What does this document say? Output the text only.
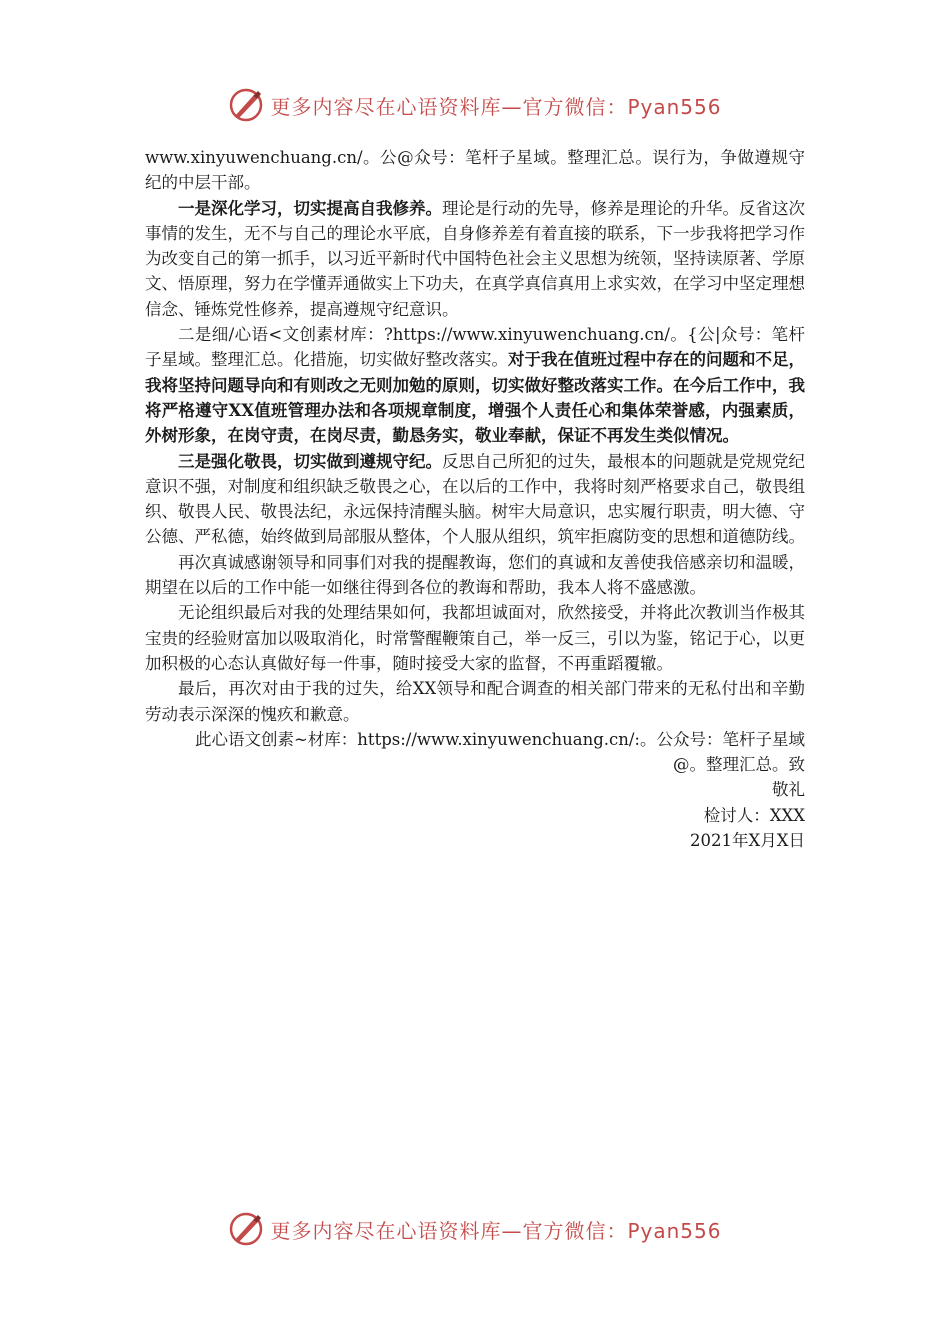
更多内容尽在心语资料库—官方微信：Pyan556

www.xinyuwenchuang.cn/。公@众号：笔杆子星域。整理汇总。误行为，争做遵规守纪的中层干部。

一是深化学习，切实提高自我修养。理论是行动的先导，修养是理论的升华。反省这次事情的发生，无不与自己的理论水平底，自身修养差有着直接的联系，下一步我将把学习作为改变自己的第一抓手，以习近平新时代中国特色社会主义思想为统领，坚持读原著、学原文、悟原理，努力在学懂弄通做实上下功夫，在真学真信真用上求实效，在学习中坚定理想信念、锤炼党性修养，提高遵规守纪意识。

二是细/心语<文创素材库：?https://www.xinyuwenchuang.cn/。{公|众号：笔杆子星域。整理汇总。化措施，切实做好整改落实。对于我在值班过程中存在的问题和不足，我将坚持问题导向和有则改之无则加勉的原则，切实做好整改落实工作。在今后工作中，我将严格遵守XX值班管理办法和各项规章制度，增强个人责任心和集体荣誉感，内强素质，外树形象，在岗守责，在岗尽责，勤恳务实，敬业奉献，保证不再发生类似情况。

三是强化敬畏，切实做到遵规守纪。反思自己所犯的过失，最根本的问题就是党规党纪意识不强，对制度和组织缺乏敬畏之心，在以后的工作中，我将时刻严格要求自己，敬畏组织、敬畏人民、敬畏法纪，永远保持清醒头脑。树牢大局意识，忠实履行职责，明大德、守公德、严私德，始终做到局部服从整体，个人服从组织，筑牢拒腐防变的思想和道德防线。

再次真诚感谢领导和同事们对我的提醒教诲，您们的真诚和友善使我倍感亲切和温暖，期望在以后的工作中能一如继往得到各位的教诲和帮助，我本人将不盛感激。

无论组织最后对我的处理结果如何，我都坦诚面对，欣然接受，并将此次教训当作极其宝贵的经验财富加以吸取消化，时常警醒鞭策自己，举一反三，引以为鉴，铭记于心，以更加积极的心态认真做好每一件事，随时接受大家的监督，不再重蹈覆辙。

最后，再次对由于我的过失，给XX领导和配合调查的相关部门带来的无私付出和辛勤劳动表示深深的愧疚和歉意。

此心语文创素~材库：https://www.xinyuwenchuang.cn/:。公众号：笔杆子星域@。整理汇总。致

敬礼

检讨人：XXX

2021年X月X日

更多内容尽在心语资料库—官方微信：Pyan556
